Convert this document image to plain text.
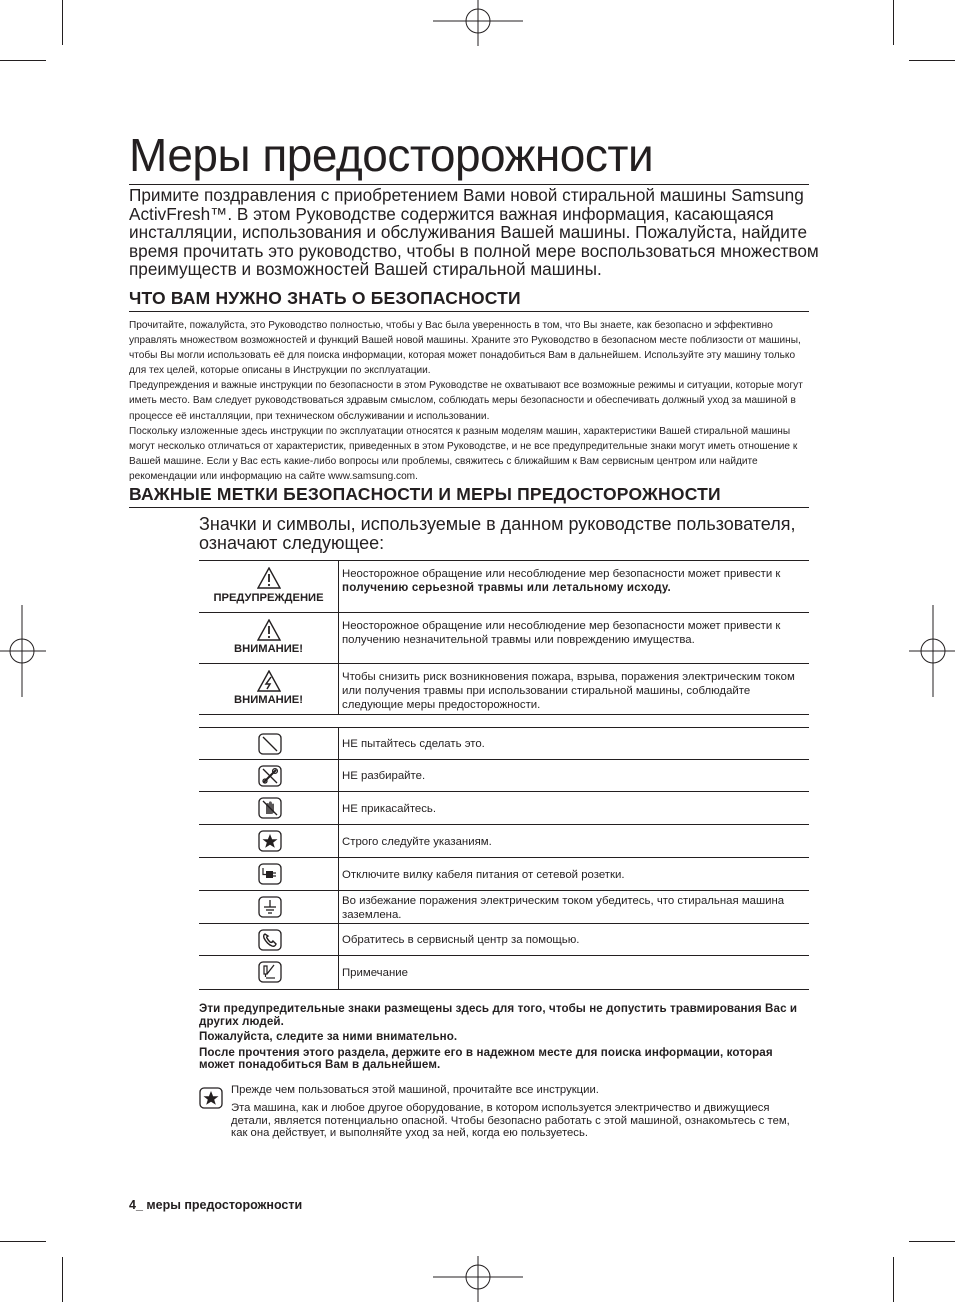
Меры предосторожности

Примите поздравления с приобретением Вами новой стиральной машины Samsung ActivFresh™. В этом Руководстве содержится важная информация, касающаяся инсталляции, использования и обслуживания Вашей машины. Пожалуйста, найдите время прочитать это руководство, чтобы в полной мере воспользоваться множеством преимуществ и возможностей Вашей стиральной машины.

ЧТО ВАМ НУЖНО ЗНАТЬ О БЕЗОПАСНОСТИ

Прочитайте, пожалуйста, это Руководство полностью, чтобы у Вас была уверенность в том, что Вы знаете, как безопасно и эффективно управлять множеством возможностей и функций Вашей новой машины. Храните это Руководство в безопасном месте поблизости от машины, чтобы Вы могли использовать её для поиска информации, которая может понадобиться Вам в дальнейшем. Используйте эту машину только для тех целей, которые описаны в Инструкции по эксплуатации.

Предупреждения и важные инструкции по безопасности в этом Руководстве не охватывают все возможные режимы и ситуации, которые могут иметь место. Вам следует руководствоваться здравым смыслом, соблюдать меры безопасности и обеспечивать должный уход за машиной в процессе её инсталляции, при техническом обслуживании и использовании.

Поскольку изложенные здесь инструкции по эксплуатации относятся к разным моделям машин, характеристики Вашей стиральной машины могут несколько отличаться от характеристик, приведенных в этом Руководстве, и не все предупредительные знаки могут иметь отношение к Вашей машине. Если у Вас есть какие-либо вопросы или проблемы, свяжитесь с ближайшим к Вам сервисным центром или найдите рекомендации или информацию на сайте www.samsung.com.

ВАЖНЫЕ МЕТКИ БЕЗОПАСНОСТИ И МЕРЫ ПРЕДОСТОРОЖНОСТИ

Значки и символы, используемые в данном руководстве пользователя, означают следующее:

ПРЕДУПРЕЖДЕНИЕ
Неосторожное обращение или несоблюдение мер безопасности может привести к получению серьезной травмы или летальному исходу.
ВНИМАНИЕ!
Неосторожное обращение или несоблюдение мер безопасности может привести к получению незначительной травмы или повреждению имущества.
ВНИМАНИЕ!
Чтобы снизить риск возникновения пожара, взрыва, поражения электрическим током или получения травмы при использовании стиральной машины, соблюдайте следующие меры предосторожности.
НЕ пытайтесь сделать это.
НЕ разбирайте.
НЕ прикасайтесь.
Строго следуйте указаниям.
Отключите вилку кабеля питания от сетевой розетки.
Во избежание поражения электрическим током убедитесь, что стиральная машина заземлена.
Обратитесь в сервисный центр за помощью.
Примечание

Эти предупредительные знаки размещены здесь для того, чтобы не допустить травмирования Вас и других людей.

Пожалуйста, следите за ними внимательно.

После прочтения этого раздела, держите его в надежном месте для поиска информации, которая может понадобиться Вам в дальнейшем.

Прежде чем пользоваться этой машиной, прочитайте все инструкции.

Эта машина, как и любое другое оборудование, в котором используется электричество и движущиеся детали, является потенциально опасной. Чтобы безопасно работать с этой машиной, ознакомьтесь с тем, как она действует, и выполняйте уход за ней, когда ею пользуетесь.

4_ меры предосторожности
